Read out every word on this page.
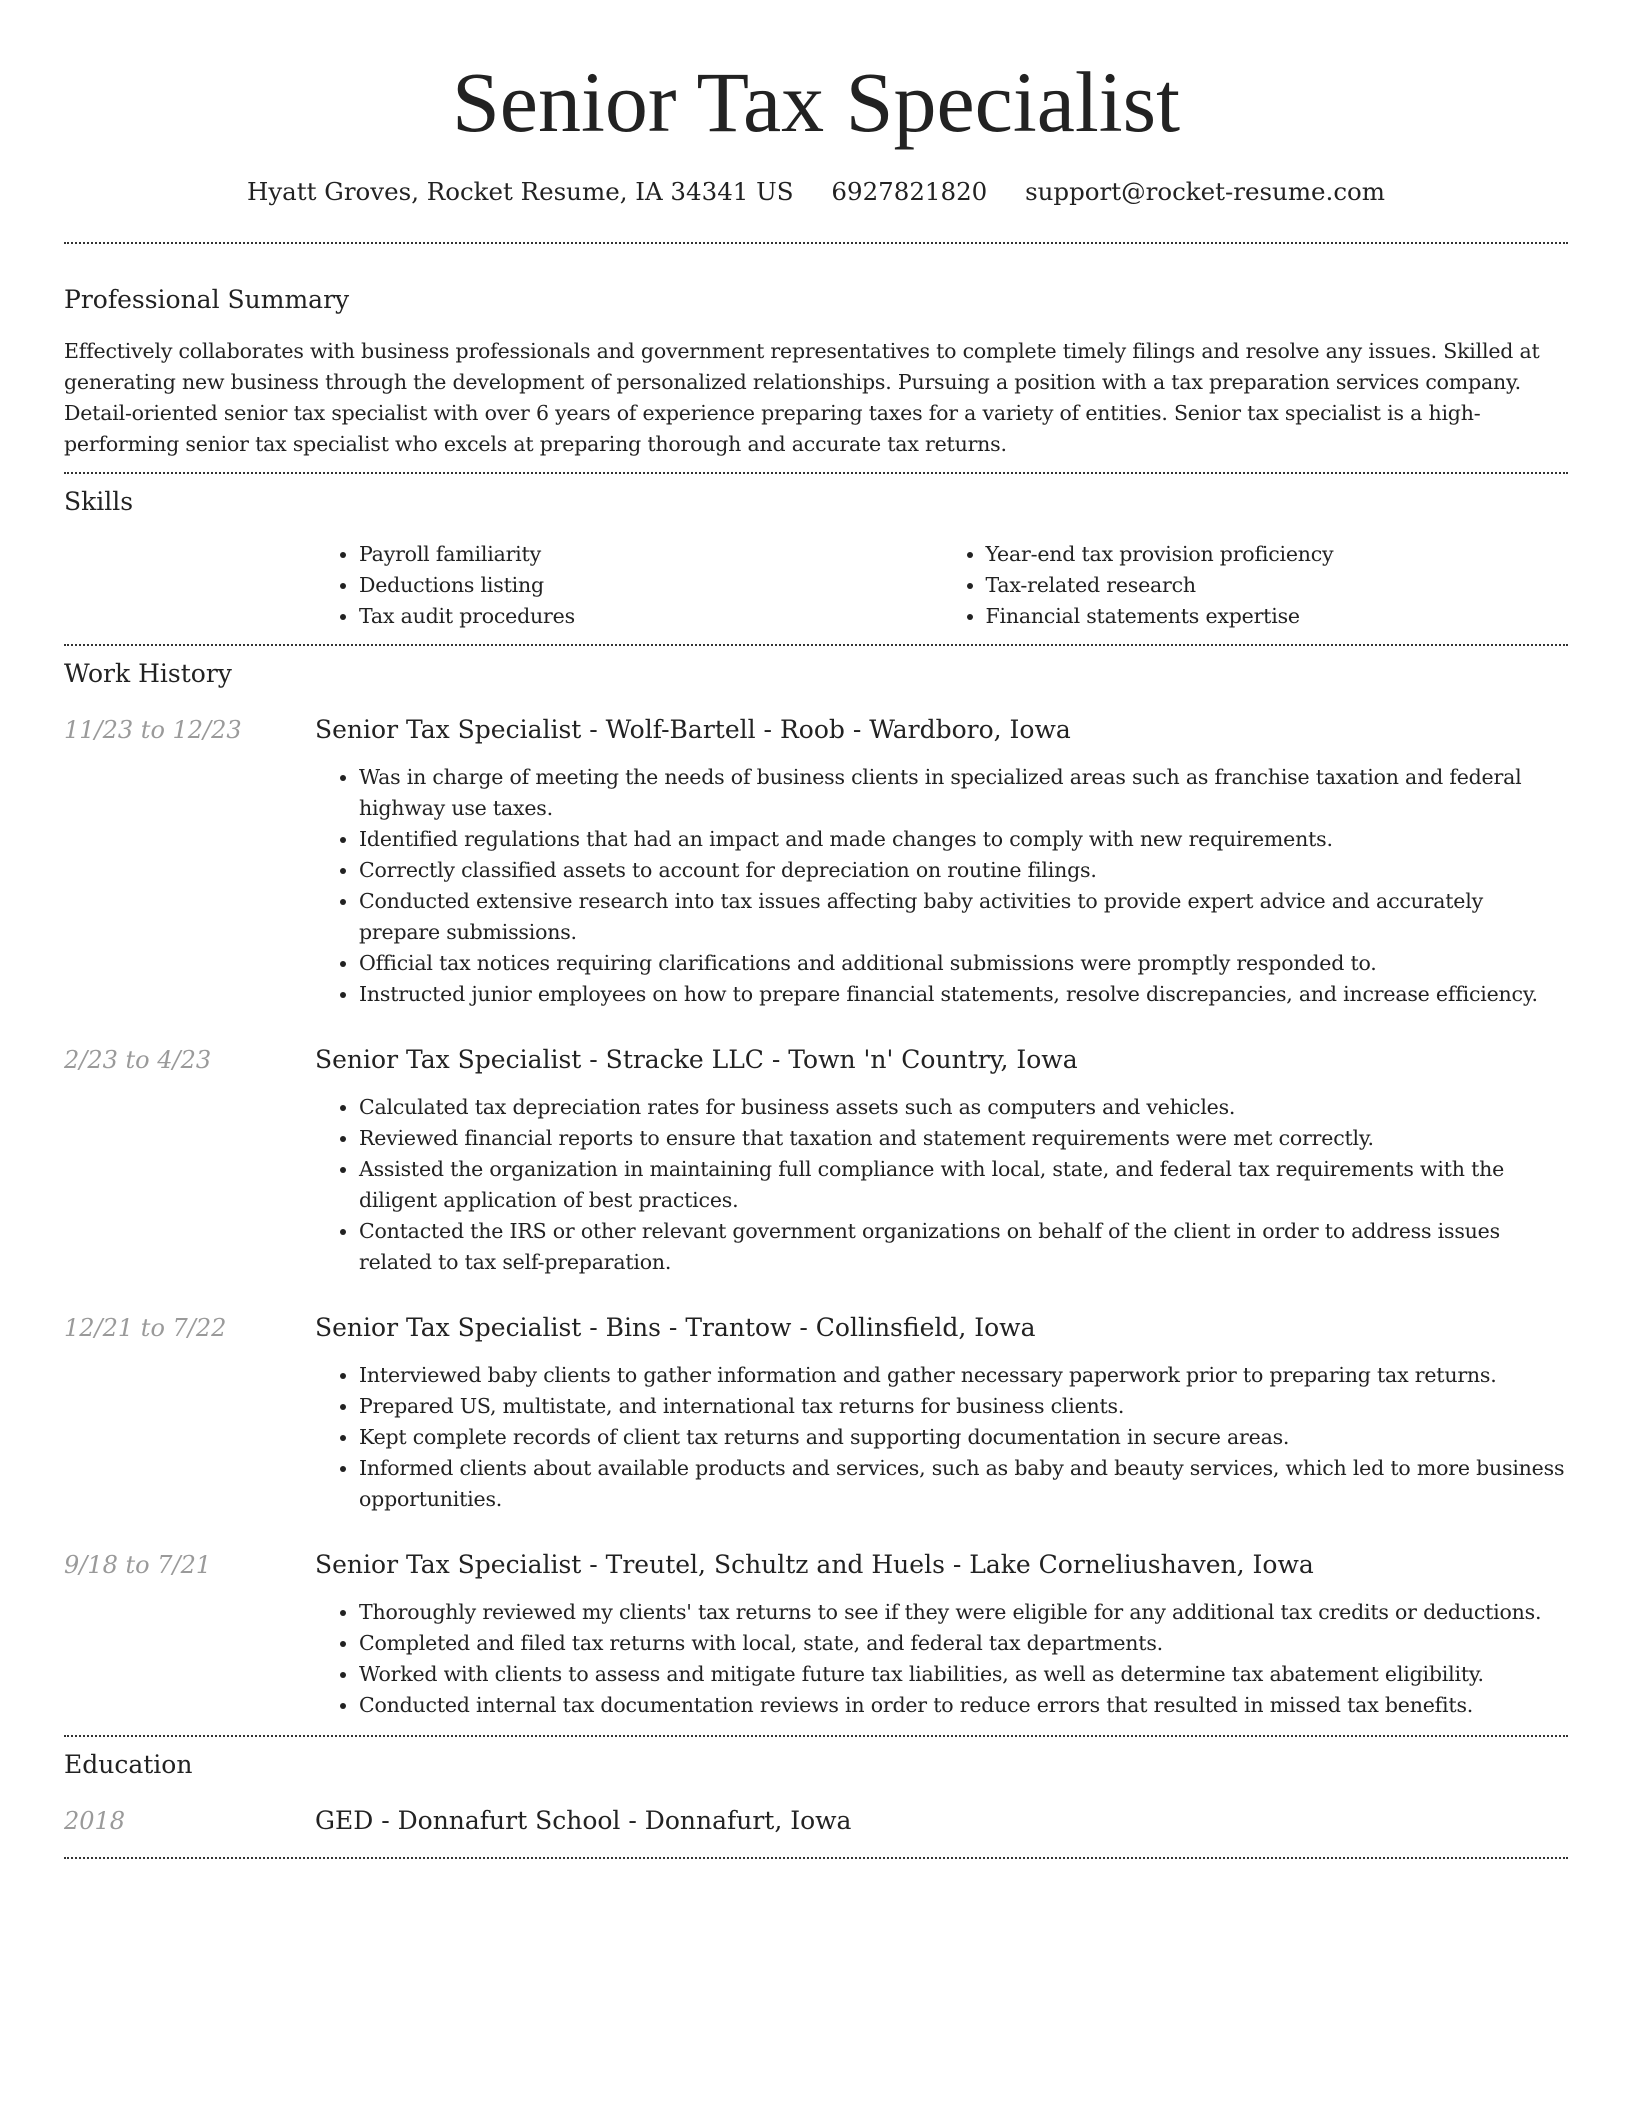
Senior Tax Specialist
Hyatt Groves, Rocket Resume, IA 34341 US 6927821820 support@rocket-resume.com
Professional Summary

Effectively collaborates with business professionals and government representatives to complete timely filings and resolve any issues. Skilled at generating new business through the development of personalized relationships. Pursuing a position with a tax preparation services company. Detail-oriented senior tax specialist with over 6 years of experience preparing taxes for a variety of entities. Senior tax specialist is a high-performing senior tax specialist who excels at preparing thorough and accurate tax returns.

Skills
• Payroll familiarity
• Deductions listing
• Tax audit procedures
• Year-end tax provision proficiency
• Tax-related research
• Financial statements expertise
Work History
11/23 to 12/23	Senior Tax Specialist - Wolf-Bartell - Roob - Wardboro, Iowa
• Was in charge of meeting the needs of business clients in specialized areas such as franchise taxation and federal highway use taxes.
• Identified regulations that had an impact and made changes to comply with new requirements.
• Correctly classified assets to account for depreciation on routine filings.
• Conducted extensive research into tax issues affecting baby activities to provide expert advice and accurately prepare submissions.
• Official tax notices requiring clarifications and additional submissions were promptly responded to.
• Instructed junior employees on how to prepare financial statements, resolve discrepancies, and increase efficiency.
2/23 to 4/23	Senior Tax Specialist - Stracke LLC - Town 'n' Country, Iowa
• Calculated tax depreciation rates for business assets such as computers and vehicles.
• Reviewed financial reports to ensure that taxation and statement requirements were met correctly.
• Assisted the organization in maintaining full compliance with local, state, and federal tax requirements with the diligent application of best practices.
• Contacted the IRS or other relevant government organizations on behalf of the client in order to address issues related to tax self-preparation.
12/21 to 7/22	Senior Tax Specialist - Bins - Trantow - Collinsfield, Iowa
• Interviewed baby clients to gather information and gather necessary paperwork prior to preparing tax returns.
• Prepared US, multistate, and international tax returns for business clients.
• Kept complete records of client tax returns and supporting documentation in secure areas.
• Informed clients about available products and services, such as baby and beauty services, which led to more business opportunities.
9/18 to 7/21	Senior Tax Specialist - Treutel, Schultz and Huels - Lake Corneliushaven, Iowa
• Thoroughly reviewed my clients' tax returns to see if they were eligible for any additional tax credits or deductions.
• Completed and filed tax returns with local, state, and federal tax departments.
• Worked with clients to assess and mitigate future tax liabilities, as well as determine tax abatement eligibility.
• Conducted internal tax documentation reviews in order to reduce errors that resulted in missed tax benefits.
Education
2018	GED - Donnafurt School - Donnafurt, Iowa
